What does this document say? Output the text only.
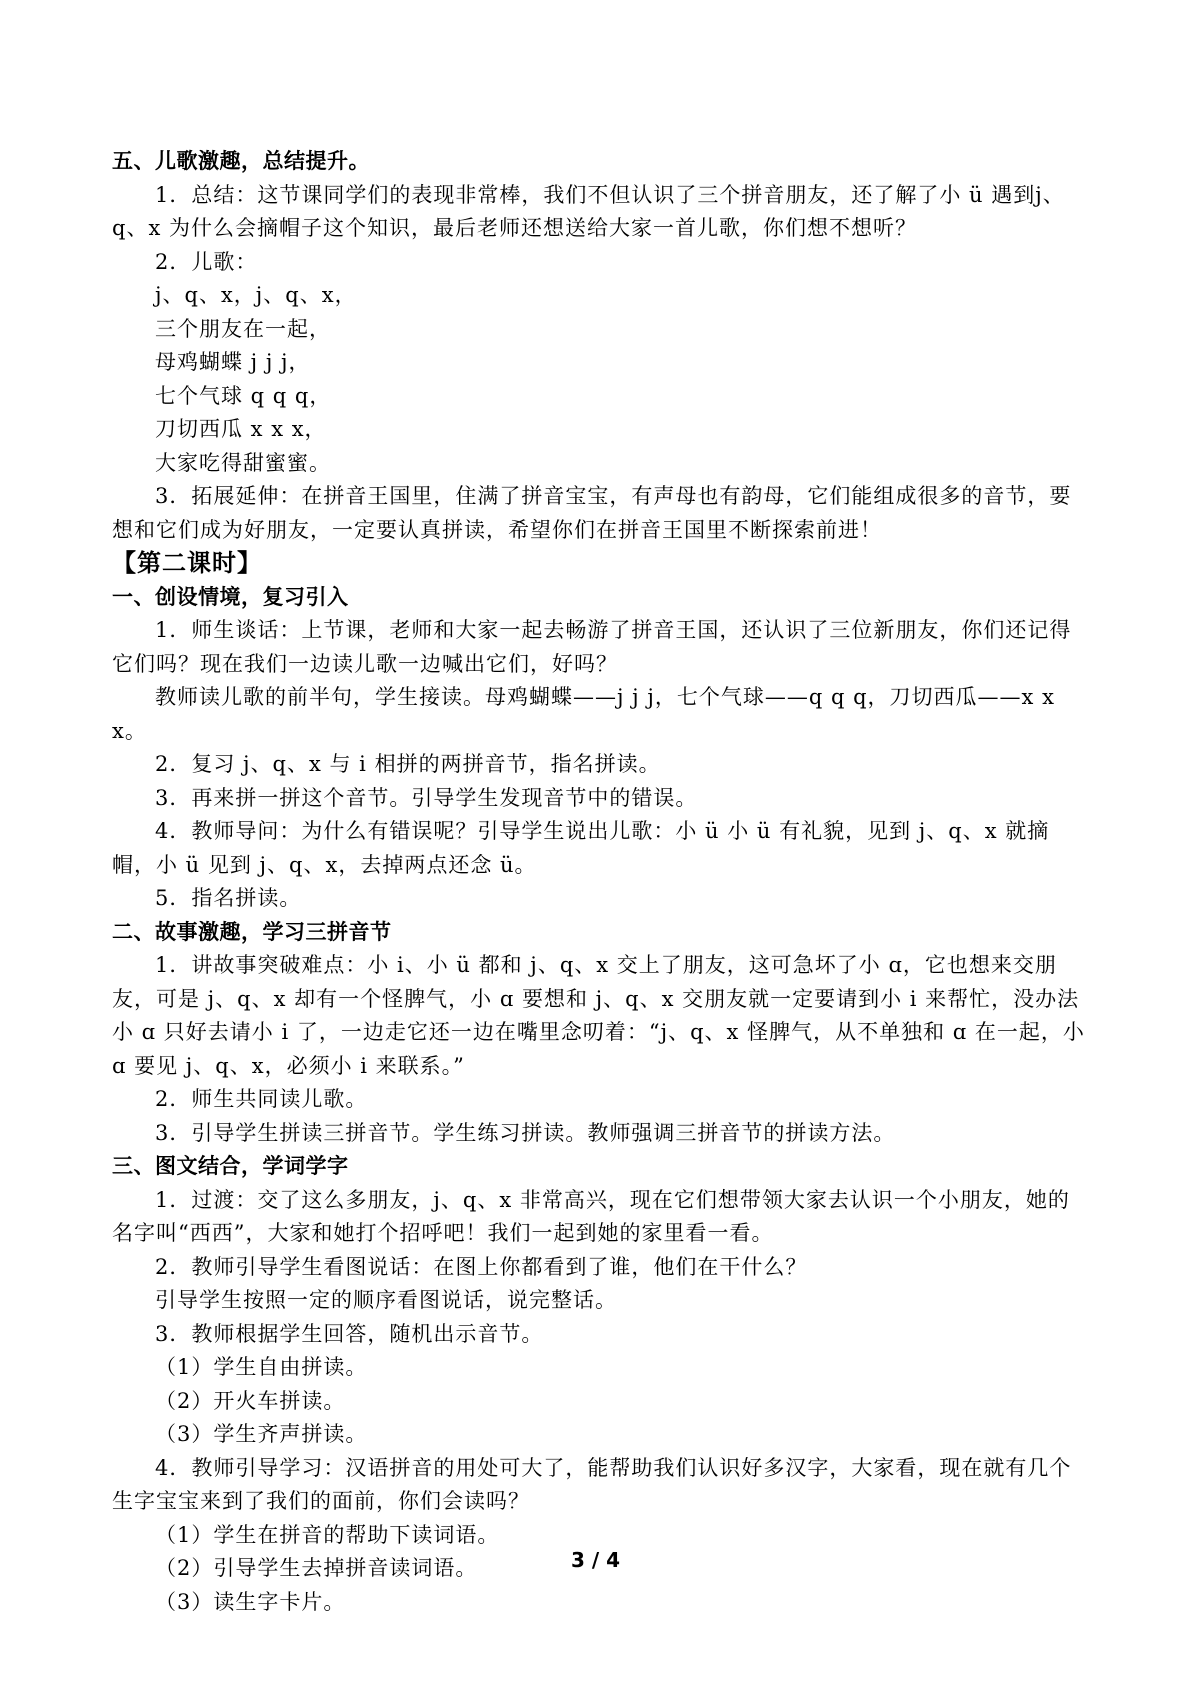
五、儿歌激趣，总结提升。

1．总结：这节课同学们的表现非常棒，我们不但认识了三个拼音朋友，还了解了小 ü 遇到j、q、x 为什么会摘帽子这个知识，最后老师还想送给大家一首儿歌，你们想不想听？

2．儿歌：

j、q、x，j、q、x，

三个朋友在一起，

母鸡蝴蝶 j j j，

七个气球 q q q，

刀切西瓜 x x x，

大家吃得甜蜜蜜。

3．拓展延伸：在拼音王国里，住满了拼音宝宝，有声母也有韵母，它们能组成很多的音节，要想和它们成为好朋友，一定要认真拼读，希望你们在拼音王国里不断探索前进！

【第二课时】

一、创设情境，复习引入

1．师生谈话：上节课，老师和大家一起去畅游了拼音王国，还认识了三位新朋友，你们还记得它们吗？现在我们一边读儿歌一边喊出它们，好吗？

教师读儿歌的前半句，学生接读。母鸡蝴蝶——j j j，七个气球——q q q，刀切西瓜——x x x。

2．复习 j、q、x 与 i 相拼的两拼音节，指名拼读。

3．再来拼一拼这个音节。引导学生发现音节中的错误。

4．教师导问：为什么有错误呢？引导学生说出儿歌：小 ü 小 ü 有礼貌，见到 j、q、x 就摘帽，小 ü 见到 j、q、x，去掉两点还念 ü。

5．指名拼读。

二、故事激趣，学习三拼音节

1．讲故事突破难点：小 i、小 ü 都和 j、q、x 交上了朋友，这可急坏了小 ɑ，它也想来交朋友，可是 j、q、x 却有一个怪脾气，小 ɑ 要想和 j、q、x 交朋友就一定要请到小 i 来帮忙，没办法小 ɑ 只好去请小 i 了，一边走它还一边在嘴里念叨着：“j、q、x 怪脾气，从不单独和 ɑ 在一起，小 ɑ 要见 j、q、x，必须小 i 来联系。”

2．师生共同读儿歌。

3．引导学生拼读三拼音节。学生练习拼读。教师强调三拼音节的拼读方法。

三、图文结合，学词学字

1．过渡：交了这么多朋友，j、q、x 非常高兴，现在它们想带领大家去认识一个小朋友，她的名字叫“西西”，大家和她打个招呼吧！我们一起到她的家里看一看。

2．教师引导学生看图说话：在图上你都看到了谁，他们在干什么？

引导学生按照一定的顺序看图说话，说完整话。

3．教师根据学生回答，随机出示音节。

（1）学生自由拼读。

（2）开火车拼读。

（3）学生齐声拼读。

4．教师引导学习：汉语拼音的用处可大了，能帮助我们认识好多汉字，大家看，现在就有几个生字宝宝来到了我们的面前，你们会读吗？

（1）学生在拼音的帮助下读词语。

（2）引导学生去掉拼音读词语。

（3）读生字卡片。

3 / 4
